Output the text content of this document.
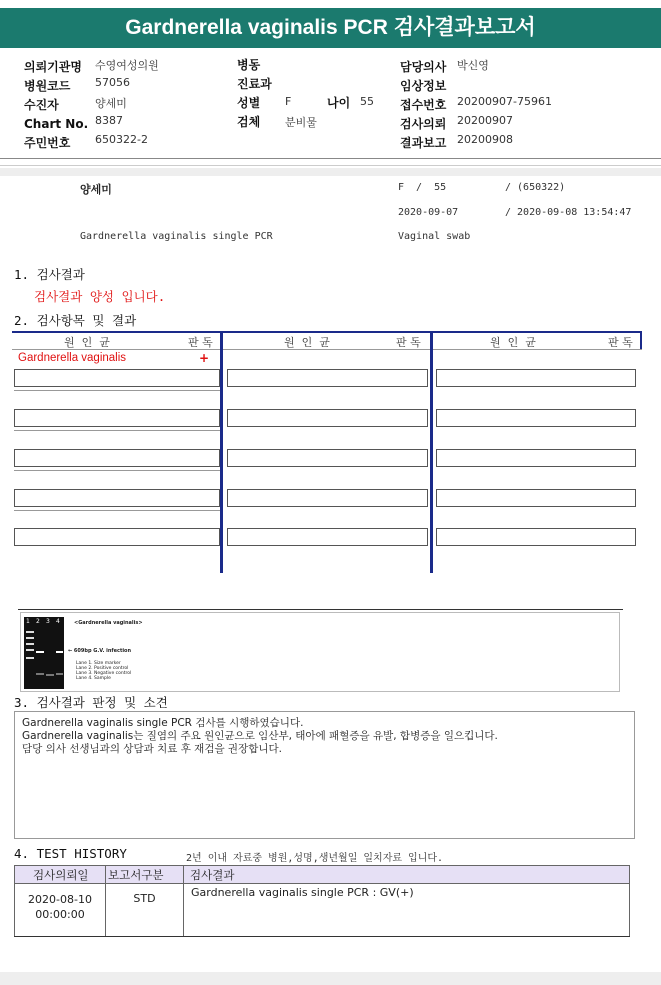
Gardnerella vaginalis PCR 검사결과보고서
의뢰기관명 수영여성의원
병원코드 57056
수진자	양세미
Chart No. 8387
주민번호 650322-2
병동
진료과
성별 F	나이 55
검체 분비물
담당의사 박신영
임상정보
접수번호 20200907-75961
검사의뢰 20200907
결과보고 20200908
양세미	F  /  55	/ (650322)
2020-09-07	/ 2020-09-08 13:54:47
Gardnerella vaginalis single PCR	Vaginal swab
1. 검사결과
검사결과 양성 입니다.
2. 검사항목 및 결과
원  인  균	판 독	원  인  균	판 독	원  인  균	판 독
Gardnerella vaginalis	+
1 2 3 4	<Gardnerella vaginalis>
← 609bp G.V. infection
Lane 1. Size marker
Lane 2. Positive control
Lane 3. Negative control
Lane 4. Sample
3. 검사결과 판정 및 소견
Gardnerella vaginalis single PCR 검사를 시행하였습니다.
Gardnerella vaginalis는 질염의 주요 원인균으로 임산부, 태아에 패혈증을 유발, 합병증을 일으킵니다.
담당 의사 선생님과의 상담과 치료 후 재검을 권장합니다.
4. TEST HISTORY	2년 이내 자료중 병원,성명,생년월일 일치자료 입니다.
검사의뢰일 보고서구분 검사결과
2020-08-10
00:00:00
STD	Gardnerella vaginalis single PCR : GV(+)
